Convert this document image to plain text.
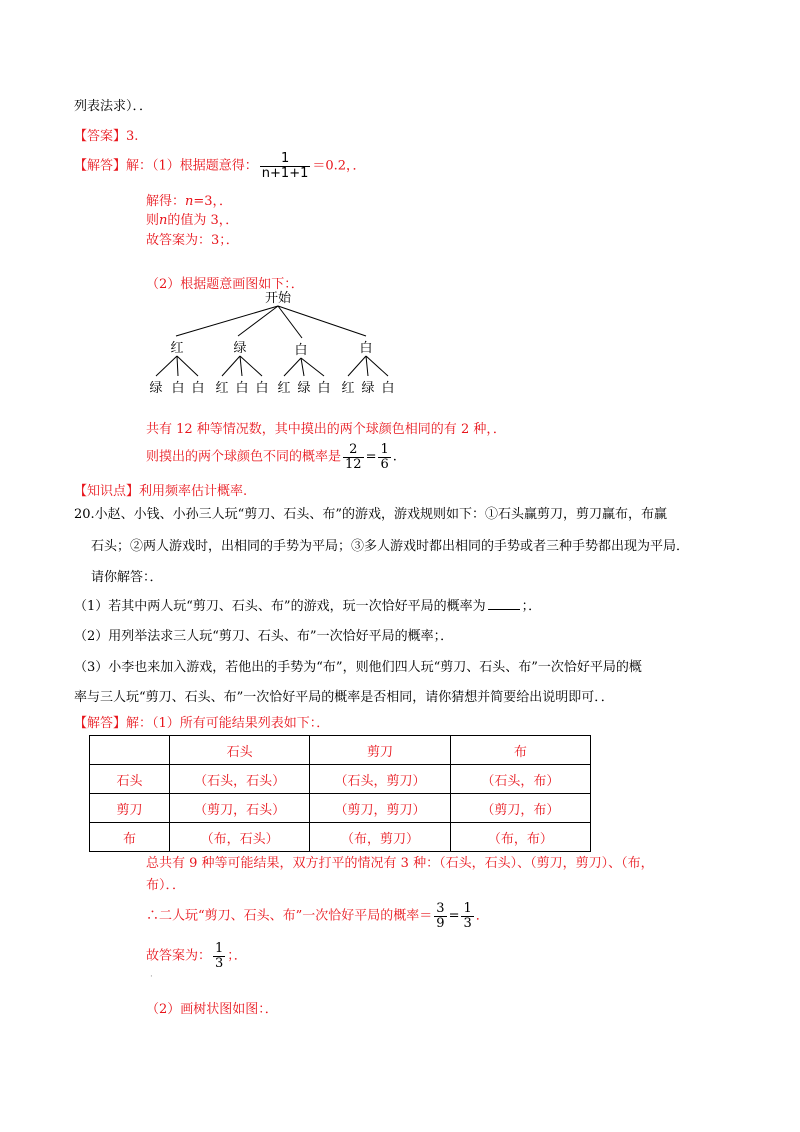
列表法求）．．
【答案】3.
【解答】解：（1）根据题意得： $\frac{1}{n+1+1} =0.2$，．
解得：n=3，．
则n的值为 3，．
故答案为：3；．
（2）根据题意画图如下：．
开始
红	绿	白	白
绿 白 白 红 白 白 红 绿 白 红 绿 白
共有 12 种等情况数，其中摸出的两个球颜色相同的有 2 种，．
则摸出的两个球颜色不同的概率是 $\frac{2}{12} = \frac{1}{6}$ .
【知识点】利用频率估计概率.
20.小赵、小钱、小孙三人玩“剪刀、石头、布”的游戏，游戏规则如下：①石头赢剪刀，剪刀赢布，布赢
石头；②两人游戏时，出相同的手势为平局；③多人游戏时都出相同的手势或者三种手势都出现为平局．
请你解答：．
（1）若其中两人玩“剪刀、石头、布”的游戏，玩一次恰好平局的概率为	；．
（2）用列举法求三人玩“剪刀、石头、布”一次恰好平局的概率；．
（3）小李也来加入游戏，若他出的手势为“布”，则他们四人玩“剪刀、石头、布”一次恰好平局的概
率与三人玩“剪刀、石头、布”一次恰好平局的概率是否相同，请你猜想并简要给出说明即可．．
【解答】解：（1）所有可能结果列表如下：．
	石头	剪刀	布
石头	（石头，石头）	（石头，剪刀）	（石头，布）
剪刀	（剪刀，石头）	（剪刀，剪刀）	（剪刀，布）
布	（布，石头）	（布，剪刀）	（布，布）
总共有 9 种等可能结果，双方打平的情况有 3 种：（石头，石头）、（剪刀，剪刀）、（布，
布）．．
∴二人玩“剪刀、石头、布”一次恰好平局的概率＝ $\frac{3}{9} = \frac{1}{3}$ ．
故答案为： $\frac{1}{3}$ ；．
·
（2）画树状图如图：．
